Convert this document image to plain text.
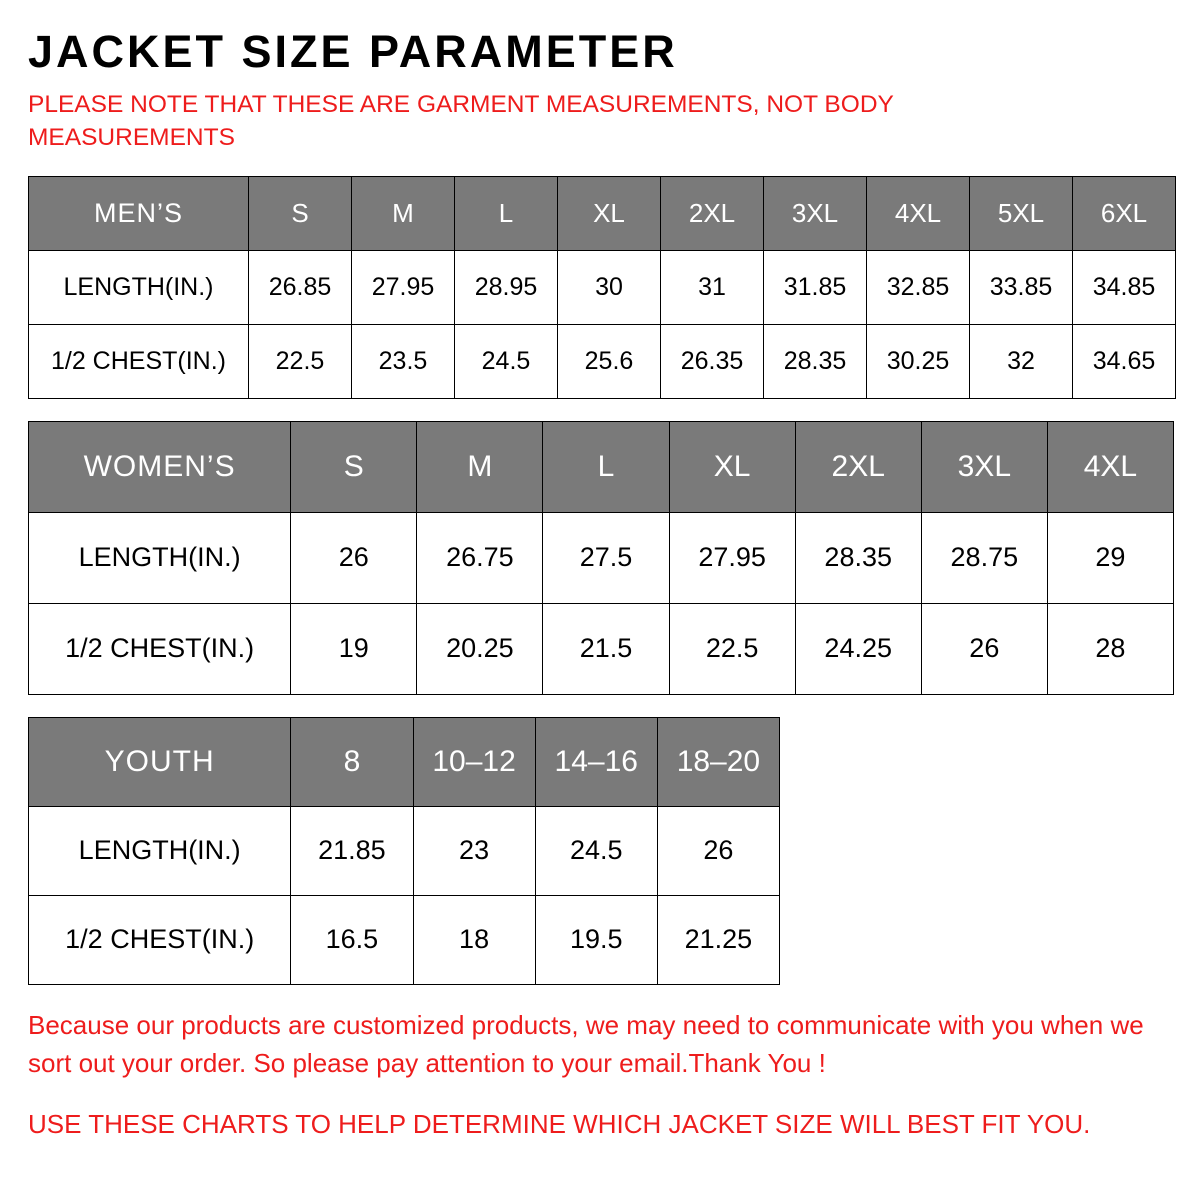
JACKET SIZE PARAMETER
PLEASE NOTE THAT THESE ARE GARMENT MEASUREMENTS, NOT BODY MEASUREMENTS
MEN’S	S	M	L	XL	2XL	3XL	4XL	5XL	6XL
LENGTH(IN.)	26.85	27.95	28.95	30	31	31.85	32.85	33.85	34.85
1/2 CHEST(IN.)	22.5	23.5	24.5	25.6	26.35	28.35	30.25	32	34.65
WOMEN’S	S	M	L	XL	2XL	3XL	4XL
LENGTH(IN.)	26	26.75	27.5	27.95	28.35	28.75	29
1/2 CHEST(IN.)	19	20.25	21.5	22.5	24.25	26	28
YOUTH	8	10–12	14–16	18–20
LENGTH(IN.)	21.85	23	24.5	26
1/2 CHEST(IN.)	16.5	18	19.5	21.25

Because our products are customized products, we may need to communicate with you when we sort out your order. So please pay attention to your email.Thank You !

USE THESE CHARTS TO HELP DETERMINE WHICH JACKET SIZE WILL BEST FIT YOU.
